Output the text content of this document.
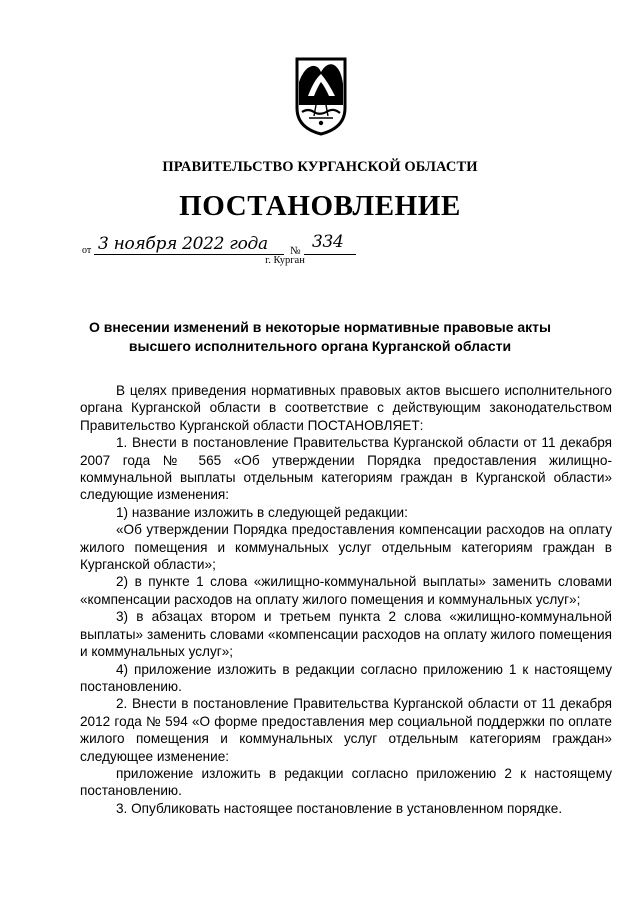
ПРАВИТЕЛЬСТВО КУРГАНСКОЙ ОБЛАСТИ
ПОСТАНОВЛЕНИЕ
от 3 ноября 2022 года № 334
г. Курган
О внесении изменений в некоторые нормативные правовые акты высшего исполнительного органа Курганской области

В целях приведения нормативных правовых актов высшего исполнительного органа Курганской области в соответствие с действующим законодательством Правительство Курганской области ПОСТАНОВЛЯЕТ:

1. Внести в постановление Правительства Курганской области от 11 декабря 2007 года № 565 «Об утверждении Порядка предоставления жилищно-коммунальной выплаты отдельным категориям граждан в Курганской области» следующие изменения:

1) название изложить в следующей редакции:

«Об утверждении Порядка предоставления компенсации расходов на оплату жилого помещения и коммунальных услуг отдельным категориям граждан в Курганской области»;

2) в пункте 1 слова «жилищно-коммунальной выплаты» заменить словами «компенсации расходов на оплату жилого помещения и коммунальных услуг»;

3) в абзацах втором и третьем пункта 2 слова «жилищно-коммунальной выплаты» заменить словами «компенсации расходов на оплату жилого помещения и коммунальных услуг»;

4) приложение изложить в редакции согласно приложению 1 к настоящему постановлению.

2. Внести в постановление Правительства Курганской области от 11 декабря 2012 года № 594 «О форме предоставления мер социальной поддержки по оплате жилого помещения и коммунальных услуг отдельным категориям граждан» следующее изменение:

приложение изложить в редакции согласно приложению 2 к настоящему постановлению.

3. Опубликовать настоящее постановление в установленном порядке.
